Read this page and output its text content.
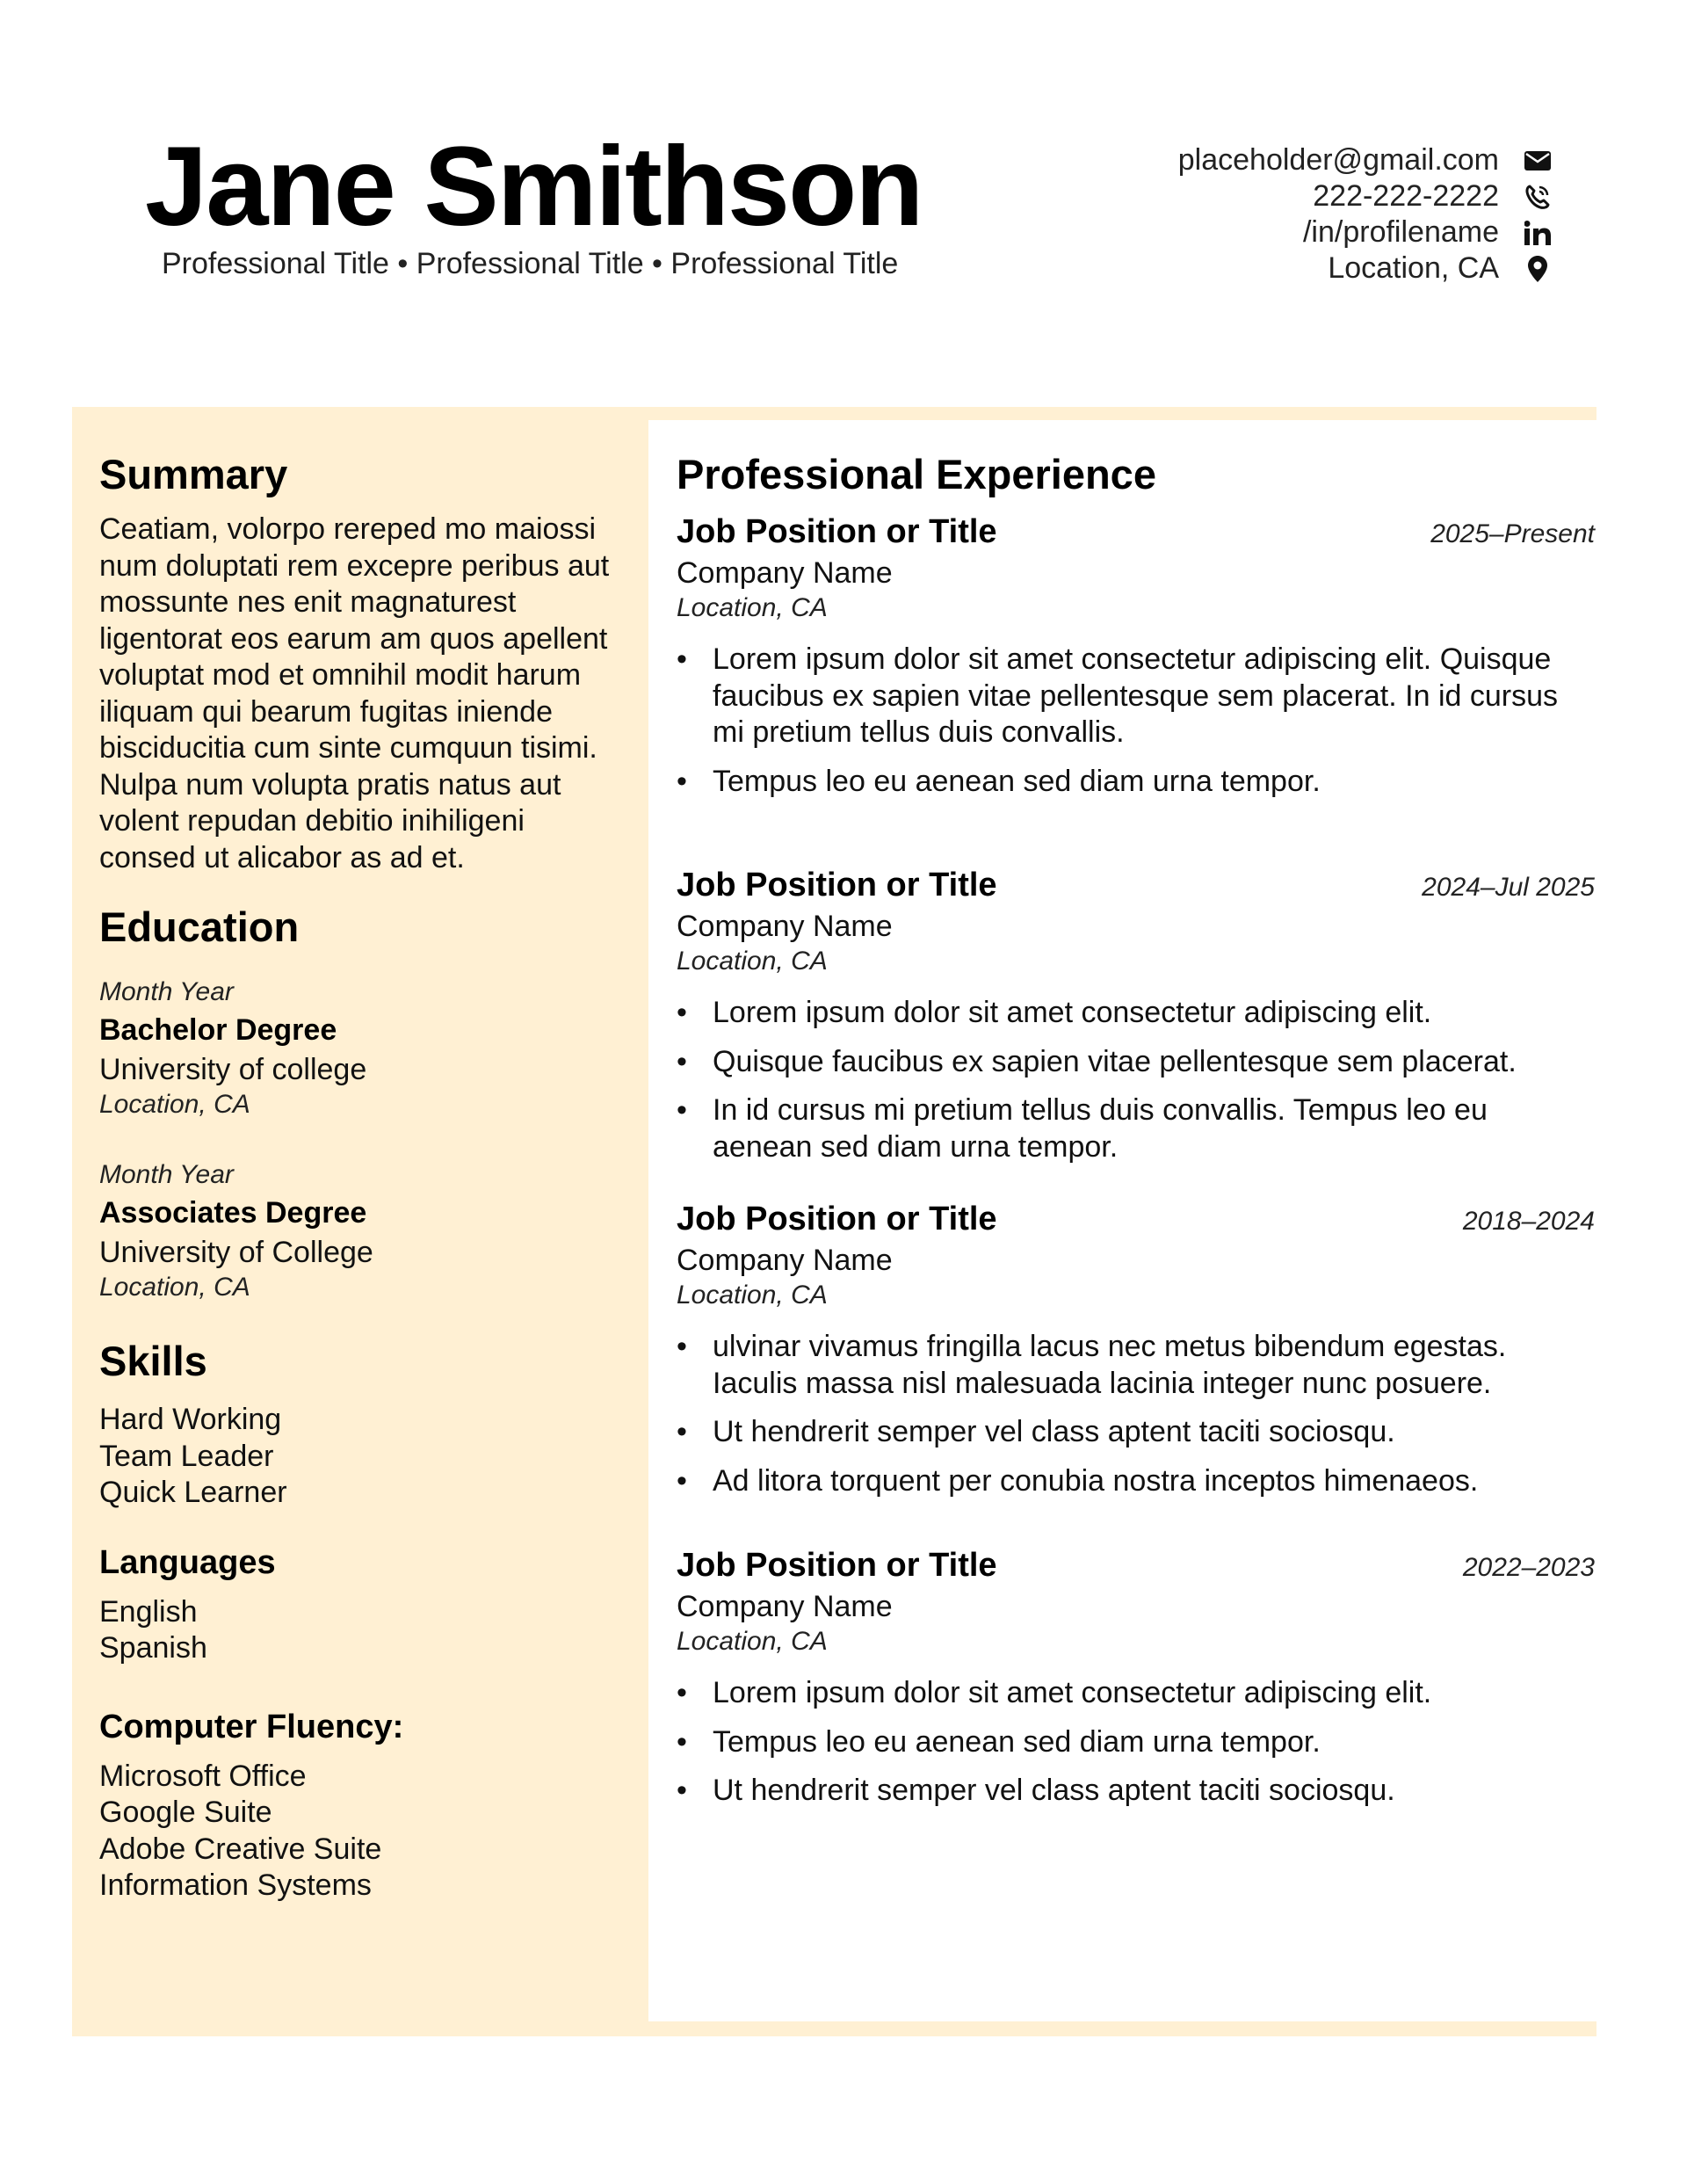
Jane Smithson
Professional Title • Professional Title • Professional Title
placeholder@gmail.com
222-222-2222
/in/profilename
Location, CA
Summary

Ceatiam, volorpo rereped mo maiossi num doluptati rem excepre peribus aut mossunte nes enit magnaturest ligentorat eos earum am quos apellent voluptat mod et omnihil modit harum iliquam qui bearum fugitas iniende bisciducitia cum sinte cumquun tisimi. Nulpa num volupta pratis natus aut volent repudan debitio inihiligeni consed ut alicabor as ad et.

Education
Month Year
Bachelor Degree
University of college
Location, CA
Month Year
Associates Degree
University of College
Location, CA
Skills
Hard Working
Team Leader
Quick Learner
Languages
English
Spanish
Computer Fluency:
Microsoft Office
Google Suite
Adobe Creative Suite
Information Systems
Professional Experience
Job Position or Title	2025–Present
Company Name
Location, CA
• Lorem ipsum dolor sit amet consectetur adipiscing elit. Quisque faucibus ex sapien vitae pellentesque sem placerat. In id cursus mi pretium tellus duis convallis.
• Tempus leo eu aenean sed diam urna tempor.
Job Position or Title	2024–Jul 2025
Company Name
Location, CA
• Lorem ipsum dolor sit amet consectetur adipiscing elit.
• Quisque faucibus ex sapien vitae pellentesque sem placerat.
• In id cursus mi pretium tellus duis convallis. Tempus leo eu aenean sed diam urna tempor.
Job Position or Title	2018–2024
Company Name
Location, CA
• ulvinar vivamus fringilla lacus nec metus bibendum egestas. Iaculis massa nisl malesuada lacinia integer nunc posuere.
• Ut hendrerit semper vel class aptent taciti sociosqu.
• Ad litora torquent per conubia nostra inceptos himenaeos.
Job Position or Title	2022–2023
Company Name
Location, CA
• Lorem ipsum dolor sit amet consectetur adipiscing elit.
• Tempus leo eu aenean sed diam urna tempor.
• Ut hendrerit semper vel class aptent taciti sociosqu.
